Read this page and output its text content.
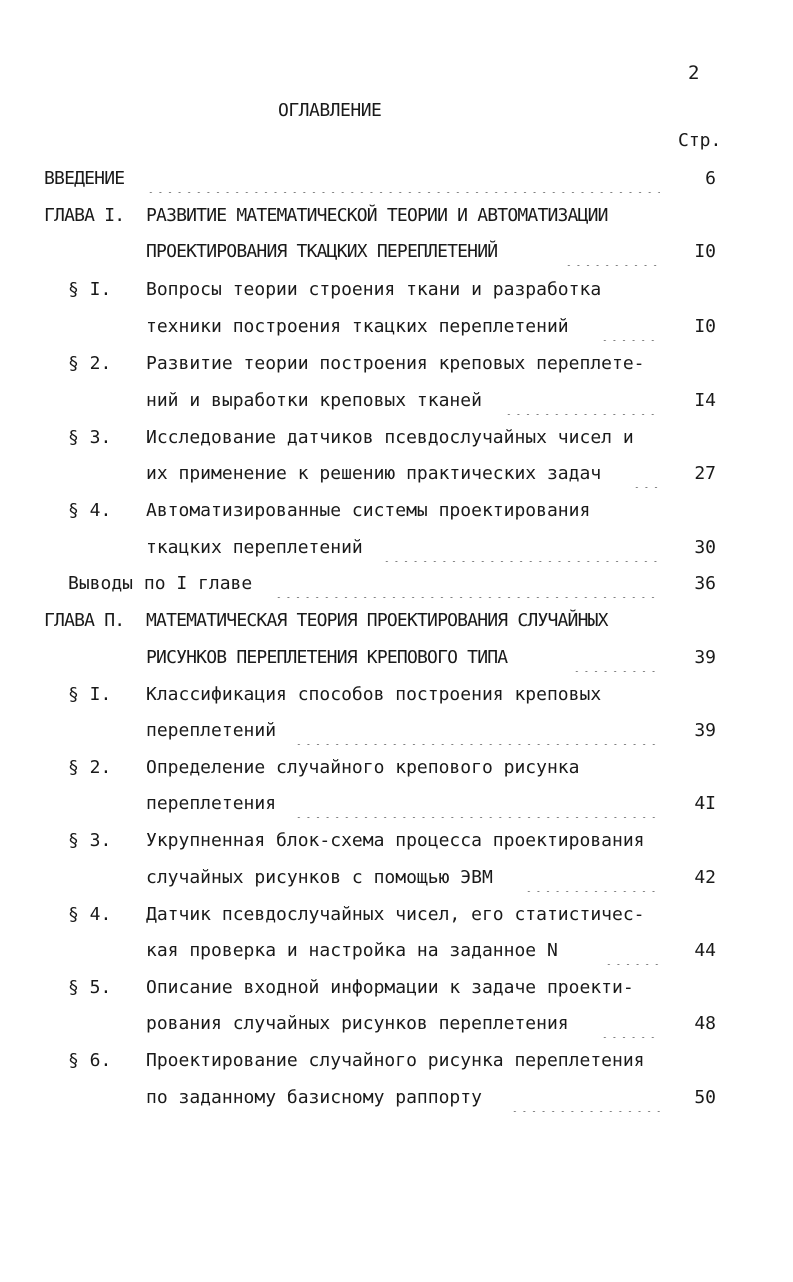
2
ОГЛАВЛЕНИЕ
Стр.
ВВЕДЕНИЕ	6
ГЛАВА I. РАЗВИТИЕ МАТЕМАТИЧЕСКОЙ ТЕОРИИ И АВТОМАТИЗАЦИИ
ПРОЕКТИРОВАНИЯ ТКАЦКИХ ПЕРЕПЛЕТЕНИЙ	I0
§ I. Вопросы теории строения ткани и разработка
техники построения ткацких переплетений	I0
§ 2. Развитие теории построения креповых переплете-
ний и выработки креповых тканей	I4
§ 3. Исследование датчиков псевдослучайных чисел и
их применение к решению практических задач	27
§ 4. Автоматизированные системы проектирования
ткацких переплетений	30
Выводы по I главе	36
ГЛАВА П. МАТЕМАТИЧЕСКАЯ ТЕОРИЯ ПРОЕКТИРОВАНИЯ СЛУЧАЙНЫХ
РИСУНКОВ ПЕРЕПЛЕТЕНИЯ КРЕПОВОГО ТИПА	39
§ I. Классификация способов построения креповых
переплетений	39
§ 2. Определение случайного крепового рисунка
переплетения	4I
§ 3. Укрупненная блок-схема процесса проектирования
случайных рисунков с помощью ЭВМ	42
§ 4. Датчик псевдослучайных чисел, его статистичес-
кая проверка и настройка на заданное N	44
§ 5. Описание входной информации к задаче проекти-
рования случайных рисунков переплетения	48
§ 6. Проектирование случайного рисунка переплетения
по заданному базисному раппорту	50
